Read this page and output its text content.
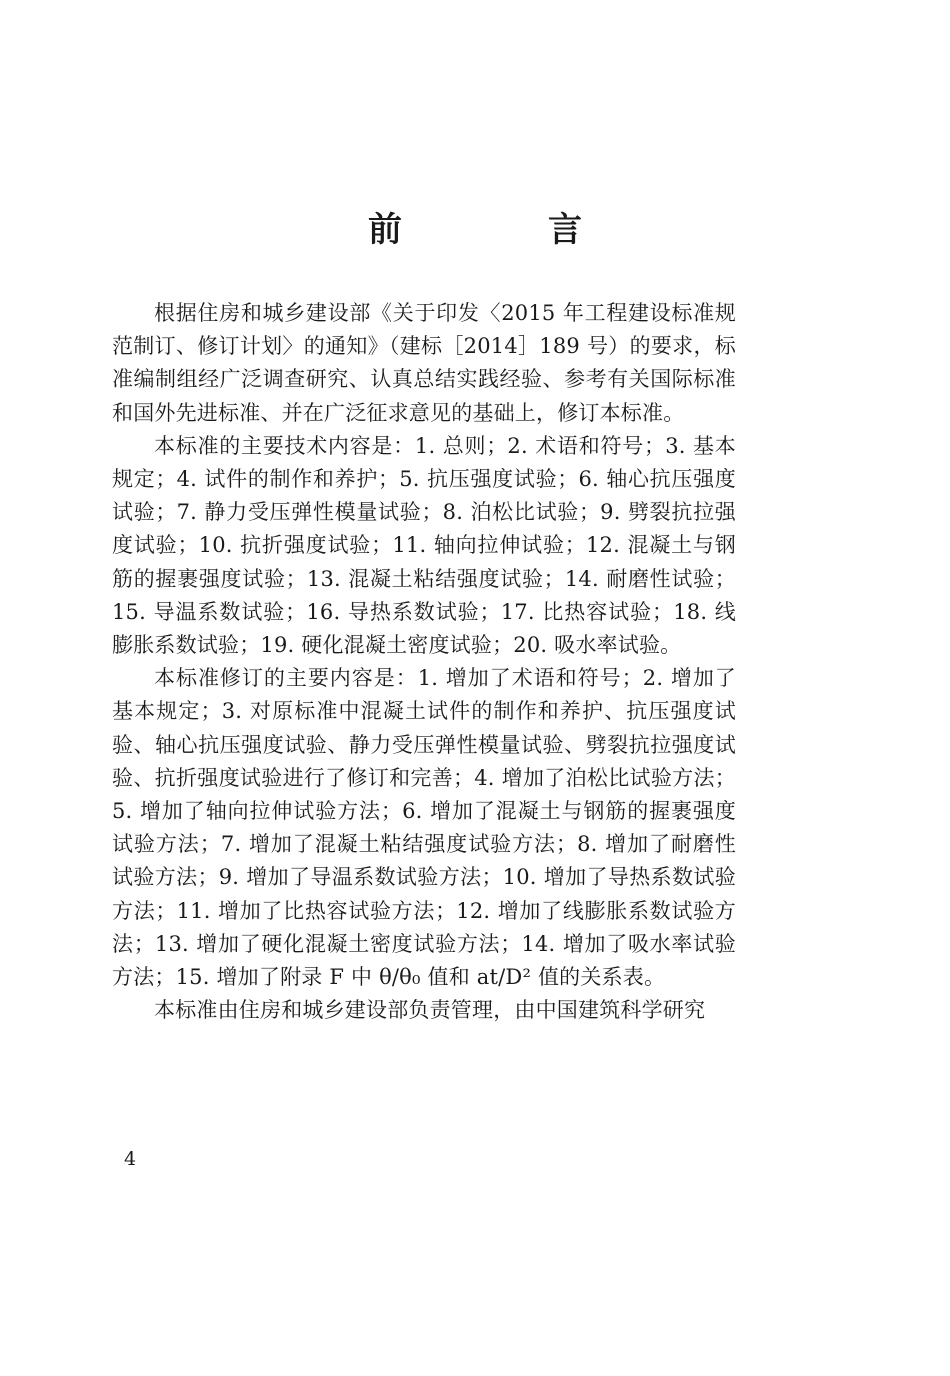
前　言

根据住房和城乡建设部《关于印发〈2015 年工程建设标准规范制订、修订计划〉的通知》（建标［2014］189 号）的要求，标准编制组经广泛调查研究、认真总结实践经验、参考有关国际标准和国外先进标准、并在广泛征求意见的基础上，修订本标准。

本标准的主要技术内容是：1. 总则；2. 术语和符号；3. 基本规定；4. 试件的制作和养护；5. 抗压强度试验；6. 轴心抗压强度试验；7. 静力受压弹性模量试验；8. 泊松比试验；9. 劈裂抗拉强度试验；10. 抗折强度试验；11. 轴向拉伸试验；12. 混凝土与钢筋的握裹强度试验；13. 混凝土粘结强度试验；14. 耐磨性试验；15. 导温系数试验；16. 导热系数试验；17. 比热容试验；18. 线膨胀系数试验；19. 硬化混凝土密度试验；20. 吸水率试验。

本标准修订的主要内容是：1. 增加了术语和符号；2. 增加了基本规定；3. 对原标准中混凝土试件的制作和养护、抗压强度试验、轴心抗压强度试验、静力受压弹性模量试验、劈裂抗拉强度试验、抗折强度试验进行了修订和完善；4. 增加了泊松比试验方法；5. 增加了轴向拉伸试验方法；6. 增加了混凝土与钢筋的握裹强度试验方法；7. 增加了混凝土粘结强度试验方法；8. 增加了耐磨性试验方法；9. 增加了导温系数试验方法；10. 增加了导热系数试验方法；11. 增加了比热容试验方法；12. 增加了线膨胀系数试验方法；13. 增加了硬化混凝土密度试验方法；14. 增加了吸水率试验方法；15. 增加了附录 F 中 θ/θ₀ 值和 at/D² 值的关系表。

本标准由住房和城乡建设部负责管理，由中国建筑科学研究

4
